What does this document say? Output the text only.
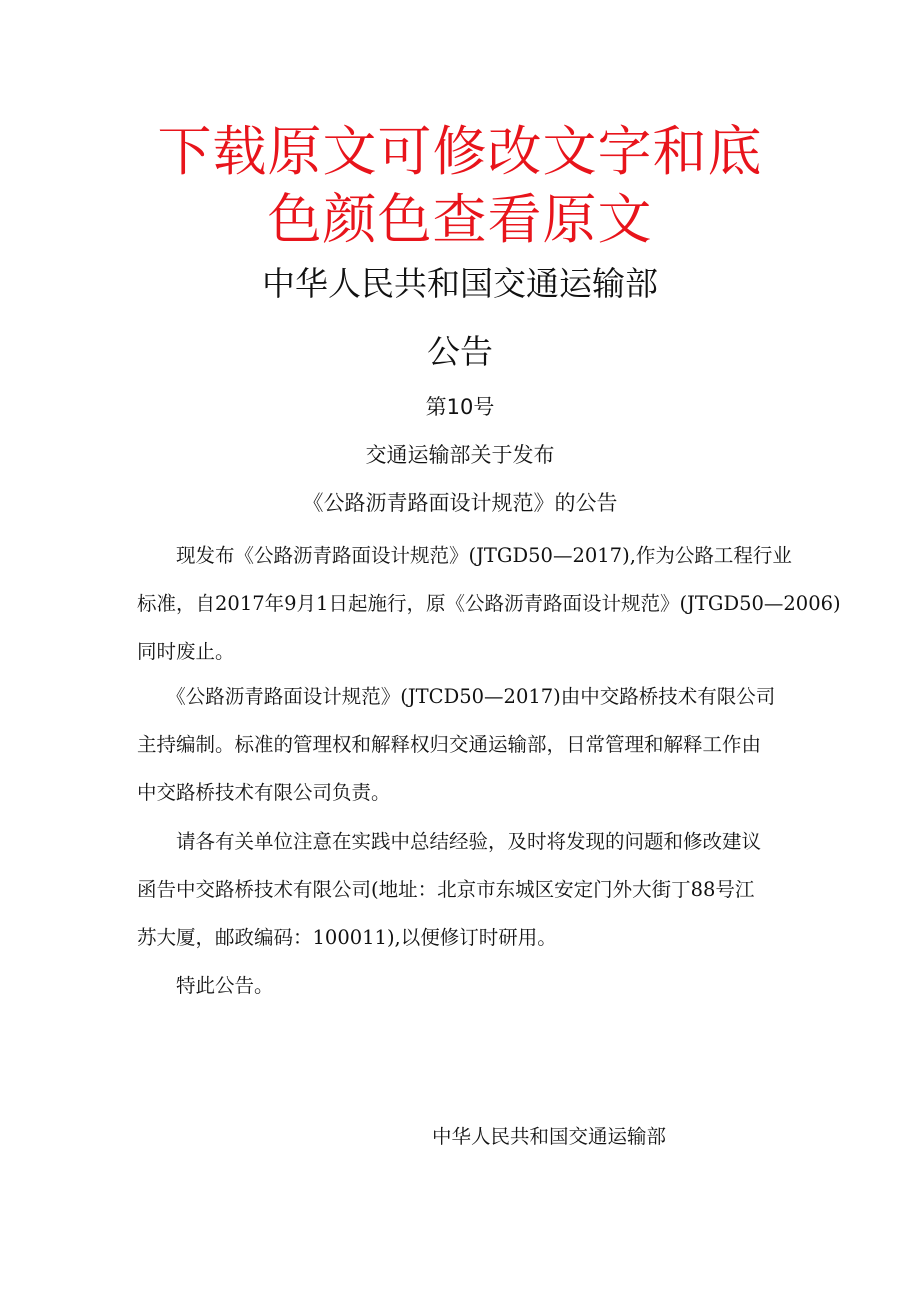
下载原文可修改文字和底
色颜色查看原文
中华人民共和国交通运输部
公告
第10号
交通运输部关于发布
《公路沥青路面设计规范》的公告
　　现发布《公路沥青路面设计规范》(JTGD50—2017),作为公路工程行业
标准，自2017年9月1日起施行，原《公路沥青路面设计规范》(JTGD50—2006)
同时废止。
　　《公路沥青路面设计规范》(JTCD50—2017)由中交路桥技术有限公司
主持编制。标准的管理权和解释权归交通运输部，日常管理和解释工作由
中交路桥技术有限公司负责。
　　请各有关单位注意在实践中总结经验，及时将发现的问题和修改建议
函告中交路桥技术有限公司(地址：北京市东城区安定门外大街丁88号江
苏大厦，邮政编码：100011),以便修订时研用。
　　特此公告。
中华人民共和国交通运输部
